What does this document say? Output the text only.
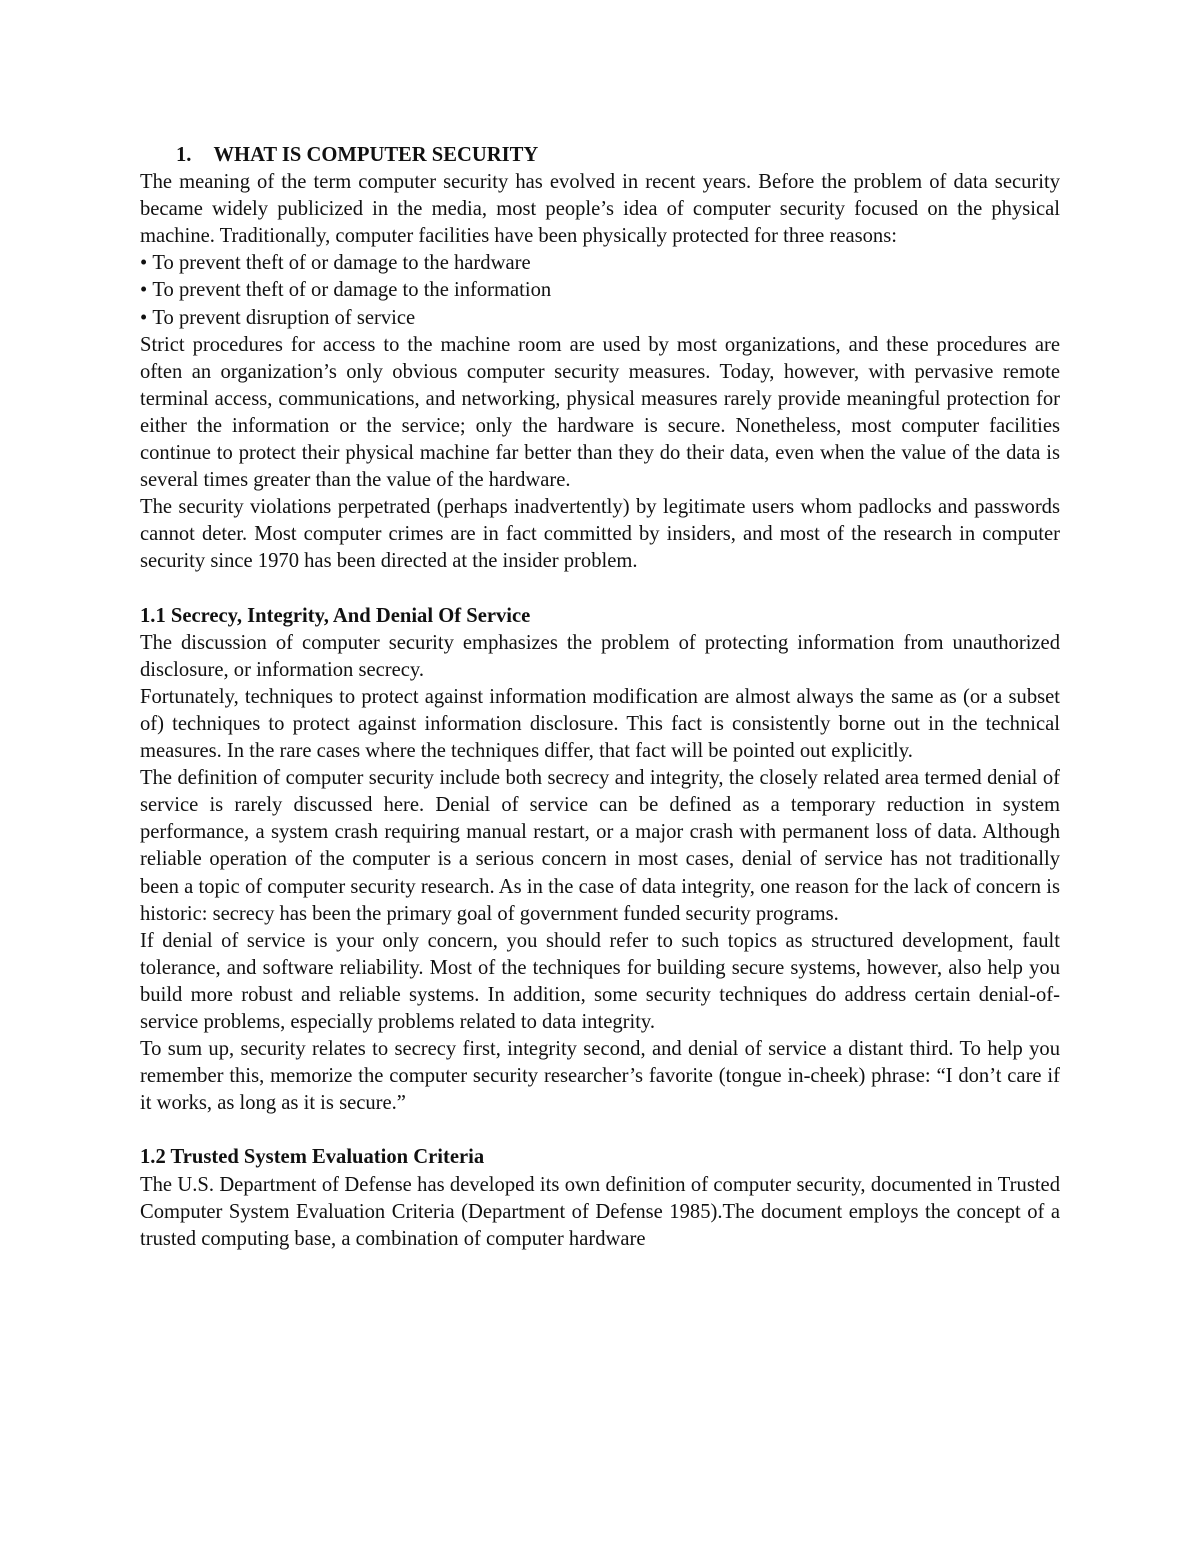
1. WHAT IS COMPUTER SECURITY

The meaning of the term computer security has evolved in recent years. Before the problem of data security became widely publicized in the media, most people’s idea of computer security focused on the physical machine. Traditionally, computer facilities have been physically protected for three reasons:

• To prevent theft of or damage to the hardware
• To prevent theft of or damage to the information
• To prevent disruption of service

Strict procedures for access to the machine room are used by most organizations, and these procedures are often an organization’s only obvious computer security measures. Today, however, with pervasive remote terminal access, communications, and networking, physical measures rarely provide meaningful protection for either the information or the service; only the hardware is secure. Nonetheless, most computer facilities continue to protect their physical machine far better than they do their data, even when the value of the data is several times greater than the value of the hardware.

The security violations perpetrated (perhaps inadvertently) by legitimate users whom padlocks and passwords cannot deter. Most computer crimes are in fact committed by insiders, and most of the research in computer security since 1970 has been directed at the insider problem.

1.1 Secrecy, Integrity, And Denial Of Service

The discussion of computer security emphasizes the problem of protecting information from unauthorized disclosure, or information secrecy.

Fortunately, techniques to protect against information modification are almost always the same as (or a subset of) techniques to protect against information disclosure. This fact is consistently borne out in the technical measures. In the rare cases where the techniques differ, that fact will be pointed out explicitly.

The definition of computer security include both secrecy and integrity, the closely related area termed denial of service is rarely discussed here. Denial of service can be defined as a temporary reduction in system performance, a system crash requiring manual restart, or a major crash with permanent loss of data. Although reliable operation of the computer is a serious concern in most cases, denial of service has not traditionally been a topic of computer security research. As in the case of data integrity, one reason for the lack of concern is historic: secrecy has been the primary goal of government funded security programs.

If denial of service is your only concern, you should refer to such topics as structured development, fault tolerance, and software reliability. Most of the techniques for building secure systems, however, also help you build more robust and reliable systems. In addition, some security techniques do address certain denial-of-service problems, especially problems related to data integrity.

To sum up, security relates to secrecy first, integrity second, and denial of service a distant third. To help you remember this, memorize the computer security researcher’s favorite (tongue in-cheek) phrase: “I don’t care if it works, as long as it is secure.”

1.2 Trusted System Evaluation Criteria

The U.S. Department of Defense has developed its own definition of computer security, documented in Trusted Computer System Evaluation Criteria (Department of Defense 1985).The document employs the concept of a trusted computing base, a combination of computer hardware
